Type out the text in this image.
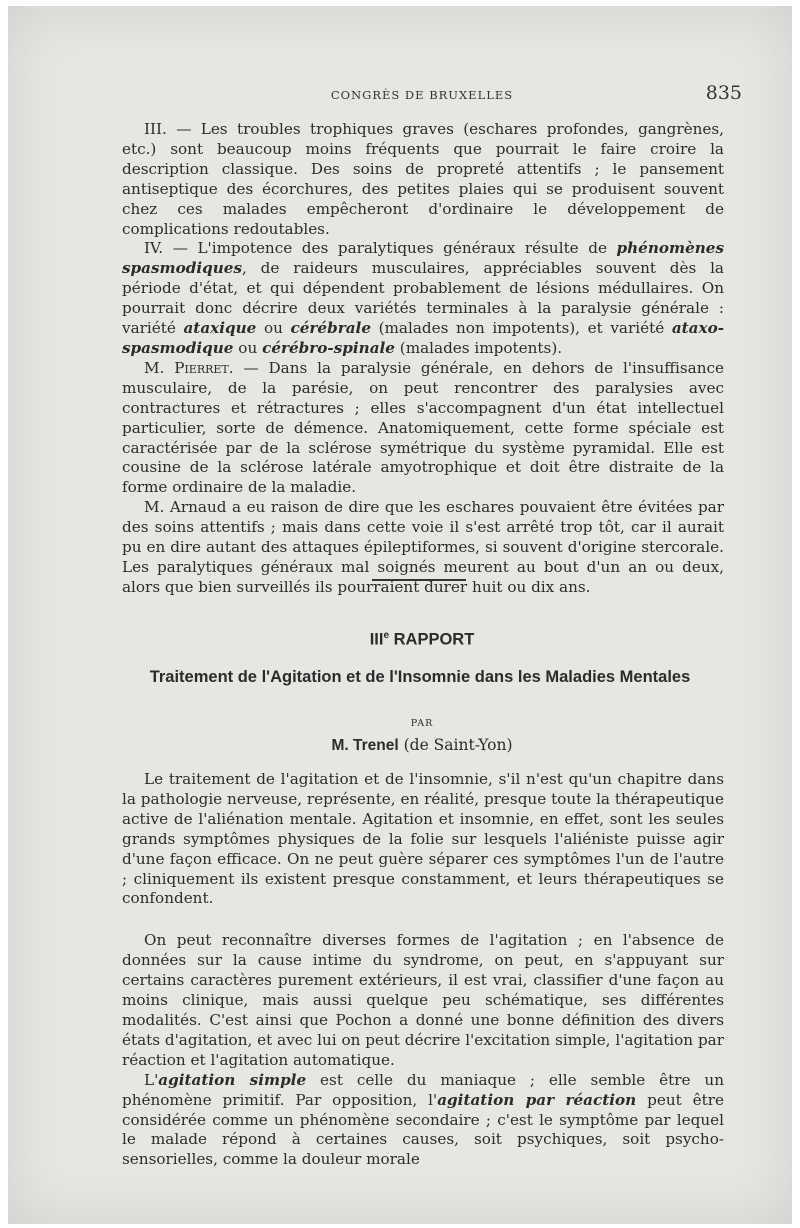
CONGRÈS DE BRUXELLES	835

III. — Les troubles trophiques graves (eschares profondes, gangrènes, etc.) sont beaucoup moins fréquents que pourrait le faire croire la description classique. Des soins de propreté attentifs ; le pansement antiseptique des écorchures, des petites plaies qui se produisent souvent chez ces malades empêcheront d'ordinaire le développement de complications redoutables.

IV. — L'impotence des paralytiques généraux résulte de phénomènes spasmodiques, de raideurs musculaires, appréciables souvent dès la période d'état, et qui dépendent probablement de lésions médullaires. On pourrait donc décrire deux variétés terminales à la paralysie générale : variété ataxique ou cérébrale (malades non impotents), et variété ataxo-spasmodique ou cérébro-spinale (malades impotents).

M. Pierret. — Dans la paralysie générale, en dehors de l'insuffisance musculaire, de la parésie, on peut rencontrer des paralysies avec contractures et rétractures ; elles s'accompagnent d'un état intellectuel particulier, sorte de démence. Anatomiquement, cette forme spéciale est caractérisée par de la sclérose symétrique du système pyramidal. Elle est cousine de la sclérose latérale amyotrophique et doit être distraite de la forme ordinaire de la maladie.

M. Arnaud a eu raison de dire que les eschares pouvaient être évitées par des soins attentifs ; mais dans cette voie il s'est arrêté trop tôt, car il aurait pu en dire autant des attaques épileptiformes, si souvent d'origine stercorale. Les paralytiques généraux mal soignés meurent au bout d'un an ou deux, alors que bien surveillés ils pourraient durer huit ou dix ans.

IIIe RAPPORT
Traitement de l'Agitation et de l'Insomnie dans les Maladies Mentales
PAR
M. Trenel (de Saint-Yon)

Le traitement de l'agitation et de l'insomnie, s'il n'est qu'un chapitre dans la pathologie nerveuse, représente, en réalité, presque toute la thérapeutique active de l'aliénation mentale. Agitation et insomnie, en effet, sont les seules grands symptômes physiques de la folie sur lesquels l'aliéniste puisse agir d'une façon efficace. On ne peut guère séparer ces symptômes l'un de l'autre ; cliniquement ils existent presque constamment, et leurs thérapeutiques se confondent.

On peut reconnaître diverses formes de l'agitation ; en l'absence de données sur la cause intime du syndrome, on peut, en s'appuyant sur certains caractères purement extérieurs, il est vrai, classifier d'une façon au moins clinique, mais aussi quelque peu schématique, ses différentes modalités. C'est ainsi que Pochon a donné une bonne définition des divers états d'agitation, et avec lui on peut décrire l'excitation simple, l'agitation par réaction et l'agitation automatique.

L'agitation simple est celle du maniaque ; elle semble être un phénomène primitif. Par opposition, l'agitation par réaction peut être considérée comme un phénomène secondaire ; c'est le symptôme par lequel le malade répond à certaines causes, soit psychiques, soit psycho-sensorielles, comme la douleur morale
